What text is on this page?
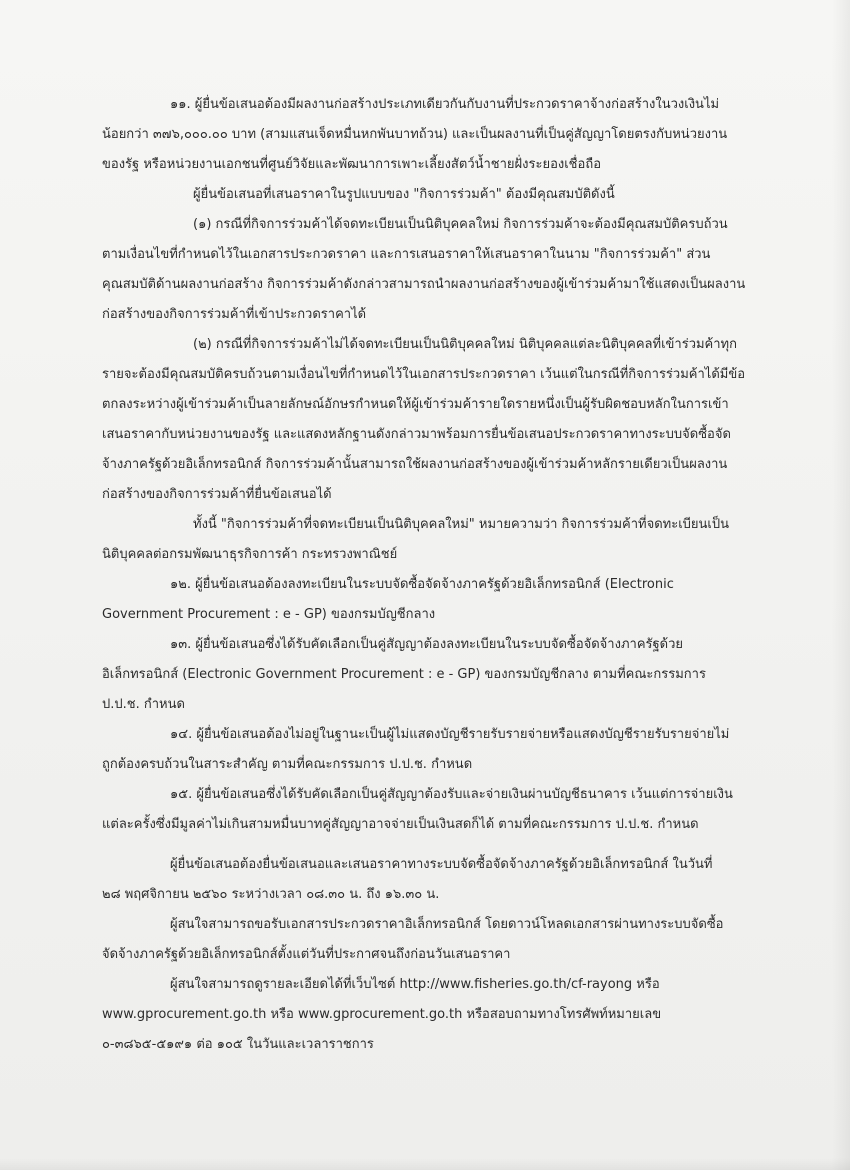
๑๑. ผู้ยื่นข้อเสนอต้องมีผลงานก่อสร้างประเภทเดียวกันกับงานที่ประกวดราคาจ้างก่อสร้างในวงเงินไม่
น้อยกว่า ๓๗๖,๐๐๐.๐๐ บาท (สามแสนเจ็ดหมื่นหกพันบาทถ้วน) และเป็นผลงานที่เป็นคู่สัญญาโดยตรงกับหน่วยงาน
ของรัฐ หรือหน่วยงานเอกชนที่ศูนย์วิจัยและพัฒนาการเพาะเลี้ยงสัตว์น้ำชายฝั่งระยองเชื่อถือ
ผู้ยื่นข้อเสนอที่เสนอราคาในรูปแบบของ "กิจการร่วมค้า" ต้องมีคุณสมบัติดังนี้
(๑) กรณีที่กิจการร่วมค้าได้จดทะเบียนเป็นนิติบุคคลใหม่ กิจการร่วมค้าจะต้องมีคุณสมบัติครบถ้วน
ตามเงื่อนไขที่กำหนดไว้ในเอกสารประกวดราคา และการเสนอราคาให้เสนอราคาในนาม "กิจการร่วมค้า" ส่วน
คุณสมบัติด้านผลงานก่อสร้าง กิจการร่วมค้าดังกล่าวสามารถนำผลงานก่อสร้างของผู้เข้าร่วมค้ามาใช้แสดงเป็นผลงาน
ก่อสร้างของกิจการร่วมค้าที่เข้าประกวดราคาได้
(๒) กรณีที่กิจการร่วมค้าไม่ได้จดทะเบียนเป็นนิติบุคคลใหม่ นิติบุคคลแต่ละนิติบุคคลที่เข้าร่วมค้าทุก
รายจะต้องมีคุณสมบัติครบถ้วนตามเงื่อนไขที่กำหนดไว้ในเอกสารประกวดราคา เว้นแต่ในกรณีที่กิจการร่วมค้าได้มีข้อ
ตกลงระหว่างผู้เข้าร่วมค้าเป็นลายลักษณ์อักษรกำหนดให้ผู้เข้าร่วมค้ารายใดรายหนึ่งเป็นผู้รับผิดชอบหลักในการเข้า
เสนอราคากับหน่วยงานของรัฐ และแสดงหลักฐานดังกล่าวมาพร้อมการยื่นข้อเสนอประกวดราคาทางระบบจัดซื้อจัด
จ้างภาครัฐด้วยอิเล็กทรอนิกส์ กิจการร่วมค้านั้นสามารถใช้ผลงานก่อสร้างของผู้เข้าร่วมค้าหลักรายเดียวเป็นผลงาน
ก่อสร้างของกิจการร่วมค้าที่ยื่นข้อเสนอได้
ทั้งนี้ "กิจการร่วมค้าที่จดทะเบียนเป็นนิติบุคคลใหม่" หมายความว่า กิจการร่วมค้าที่จดทะเบียนเป็น
นิติบุคคลต่อกรมพัฒนาธุรกิจการค้า กระทรวงพาณิชย์
๑๒. ผู้ยื่นข้อเสนอต้องลงทะเบียนในระบบจัดซื้อจัดจ้างภาครัฐด้วยอิเล็กทรอนิกส์ (Electronic
Government Procurement : e - GP) ของกรมบัญชีกลาง
๑๓. ผู้ยื่นข้อเสนอซึ่งได้รับคัดเลือกเป็นคู่สัญญาต้องลงทะเบียนในระบบจัดซื้อจัดจ้างภาครัฐด้วย
อิเล็กทรอนิกส์ (Electronic Government Procurement : e - GP) ของกรมบัญชีกลาง ตามที่คณะกรรมการ
ป.ป.ช. กำหนด
๑๔. ผู้ยื่นข้อเสนอต้องไม่อยู่ในฐานะเป็นผู้ไม่แสดงบัญชีรายรับรายจ่ายหรือแสดงบัญชีรายรับรายจ่ายไม่
ถูกต้องครบถ้วนในสาระสำคัญ ตามที่คณะกรรมการ ป.ป.ช. กำหนด
๑๕. ผู้ยื่นข้อเสนอซึ่งได้รับคัดเลือกเป็นคู่สัญญาต้องรับและจ่ายเงินผ่านบัญชีธนาคาร เว้นแต่การจ่ายเงิน
แต่ละครั้งซึ่งมีมูลค่าไม่เกินสามหมื่นบาทคู่สัญญาอาจจ่ายเป็นเงินสดก็ได้ ตามที่คณะกรรมการ ป.ป.ช. กำหนด
ผู้ยื่นข้อเสนอต้องยื่นข้อเสนอและเสนอราคาทางระบบจัดซื้อจัดจ้างภาครัฐด้วยอิเล็กทรอนิกส์ ในวันที่
๒๘ พฤศจิกายน ๒๕๖๐ ระหว่างเวลา ๐๘.๓๐ น. ถึง ๑๖.๓๐ น.
ผู้สนใจสามารถขอรับเอกสารประกวดราคาอิเล็กทรอนิกส์ โดยดาวน์โหลดเอกสารผ่านทางระบบจัดซื้อ
จัดจ้างภาครัฐด้วยอิเล็กทรอนิกส์ตั้งแต่วันที่ประกาศจนถึงก่อนวันเสนอราคา
ผู้สนใจสามารถดูรายละเอียดได้ที่เว็บไซต์ http://www.fisheries.go.th/cf-rayong หรือ
www.gprocurement.go.th หรือ www.gprocurement.go.th หรือสอบถามทางโทรศัพท์หมายเลข
๐-๓๘๖๕-๕๑๙๑ ต่อ ๑๐๕ ในวันและเวลาราชการ
